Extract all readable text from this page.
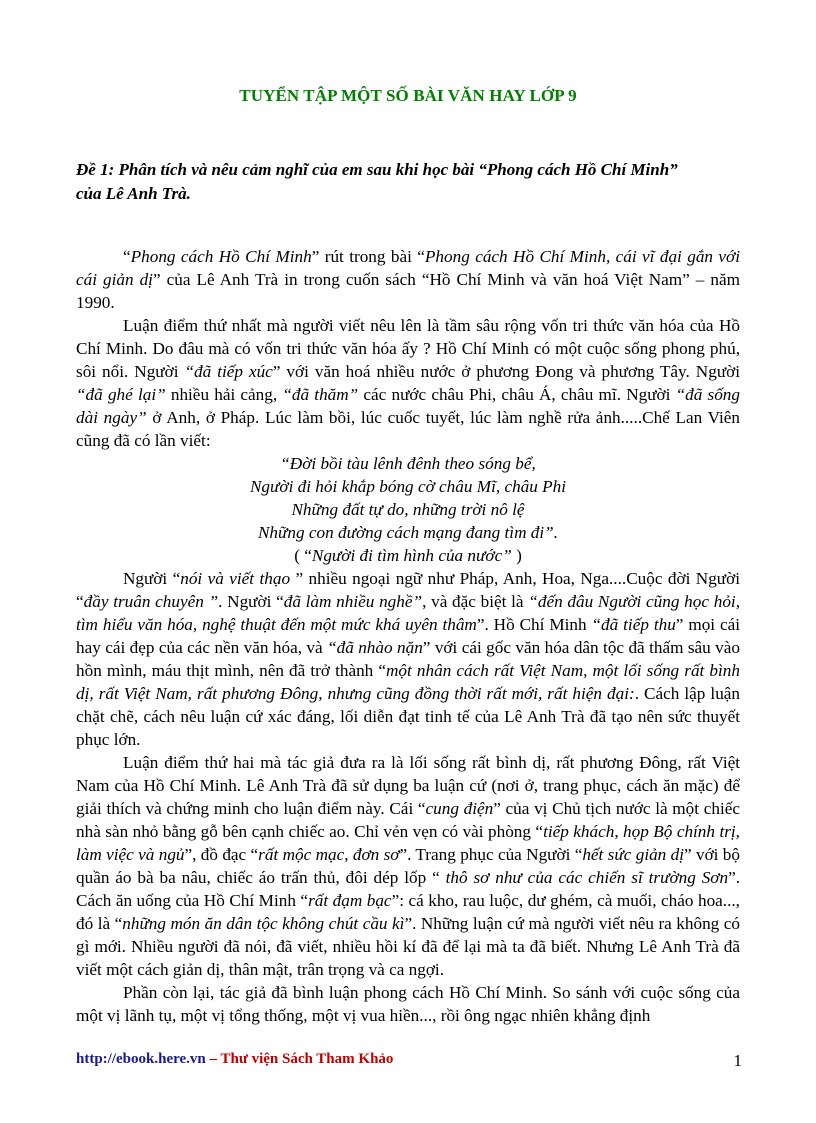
TUYỂN TẬP MỘT SỐ BÀI VĂN HAY LỚP 9
Đề 1: Phân tích và nêu cảm nghĩ của em sau khi học bài “Phong cách Hồ Chí Minh”
của Lê Anh Trà.

“Phong cách Hồ Chí Minh” rút trong bài “Phong cách Hồ Chí Minh, cái vĩ đại gắn với cái giản dị” của Lê Anh Trà in trong cuốn sách “Hồ Chí Minh và văn hoá Việt Nam” – năm 1990.

Luận điểm thứ nhất mà người viết nêu lên là tầm sâu rộng vốn tri thức văn hóa của Hồ Chí Minh. Do đâu mà có vốn tri thức văn hóa ấy ? Hồ Chí Minh có một cuộc sống phong phú, sôi nổi. Người “đã tiếp xúc” với văn hoá nhiều nước ở phương Đong và phương Tây. Người “đã ghé lại” nhiều hải cảng, “đã thăm” các nước châu Phi, châu Á, châu mĩ. Người “đã sống dài ngày” ở Anh, ở Pháp. Lúc làm bồi, lúc cuốc tuyết, lúc làm nghề rửa ảnh.....Chế Lan Viên cũng đã có lần viết:

“Đời bồi tàu lênh đênh theo sóng bể,
Người đi hỏi khắp bóng cờ châu Mĩ, châu Phi
Những đất tự do, những trời nô lệ
Những con đường cách mạng đang tìm đi”.
( “Người đi tìm hình của nước” )

Người “nói và viết thạo ” nhiều ngoại ngữ như Pháp, Anh, Hoa, Nga....Cuộc đời Người “đầy truân chuyên ”. Người “đã làm nhiều nghề”, và đặc biệt là “đến đâu Người cũng học hỏi, tìm hiểu văn hóa, nghệ thuật đến một mức khá uyên thâm”. Hồ Chí Minh “đã tiếp thu” mọi cái hay cái đẹp của các nền văn hóa, và “đã nhào nặn” với cái gốc văn hóa dân tộc đã thấm sâu vào hồn mình, máu thịt mình, nên đã trở thành “một nhân cách rất Việt Nam, một lối sống rất bình dị, rất Việt Nam, rất phương Đông, nhưng cũng đồng thời rất mới, rất hiện đại:. Cách lập luận chặt chẽ, cách nêu luận cứ xác đáng, lối diễn đạt tinh tế của Lê Anh Trà đã tạo nên sức thuyết phục lớn.

Luận điểm thứ hai mà tác giả đưa ra là lối sống rất bình dị, rất phương Đông, rất Việt Nam của Hồ Chí Minh. Lê Anh Trà đã sử dụng ba luận cứ (nơi ở, trang phục, cách ăn mặc) để giải thích và chứng minh cho luận điểm này. Cái “cung điện” của vị Chủ tịch nước là một chiếc nhà sàn nhỏ bằng gỗ bên cạnh chiếc ao. Chỉ vẻn vẹn có vài phòng “tiếp khách, họp Bộ chính trị, làm việc và ngủ”, đồ đạc “rất mộc mạc, đơn sơ”. Trang phục của Người “hết sức giản dị” với bộ quần áo bà ba nâu, chiếc áo trấn thủ, đôi dép lốp “ thô sơ như của các chiến sĩ trường Sơn”. Cách ăn uống của Hồ Chí Minh “rất đạm bạc”: cá kho, rau luộc, dư ghém, cà muối, cháo hoa..., đó là “những món ăn dân tộc không chút cầu kì”. Những luận cứ mà người viết nêu ra không có gì mới. Nhiều người đã nói, đã viết, nhiều hồi kí đã để lại mà ta đã biết. Nhưng Lê Anh Trà đã viết một cách giản dị, thân mật, trân trọng và ca ngợi.

Phần còn lại, tác giả đã bình luận phong cách Hồ Chí Minh. So sánh với cuộc sống của một vị lãnh tụ, một vị tổng thống, một vị vua hiền..., rồi ông ngạc nhiên khẳng định

http://ebook.here.vn – Thư viện Sách Tham Khảo	1
